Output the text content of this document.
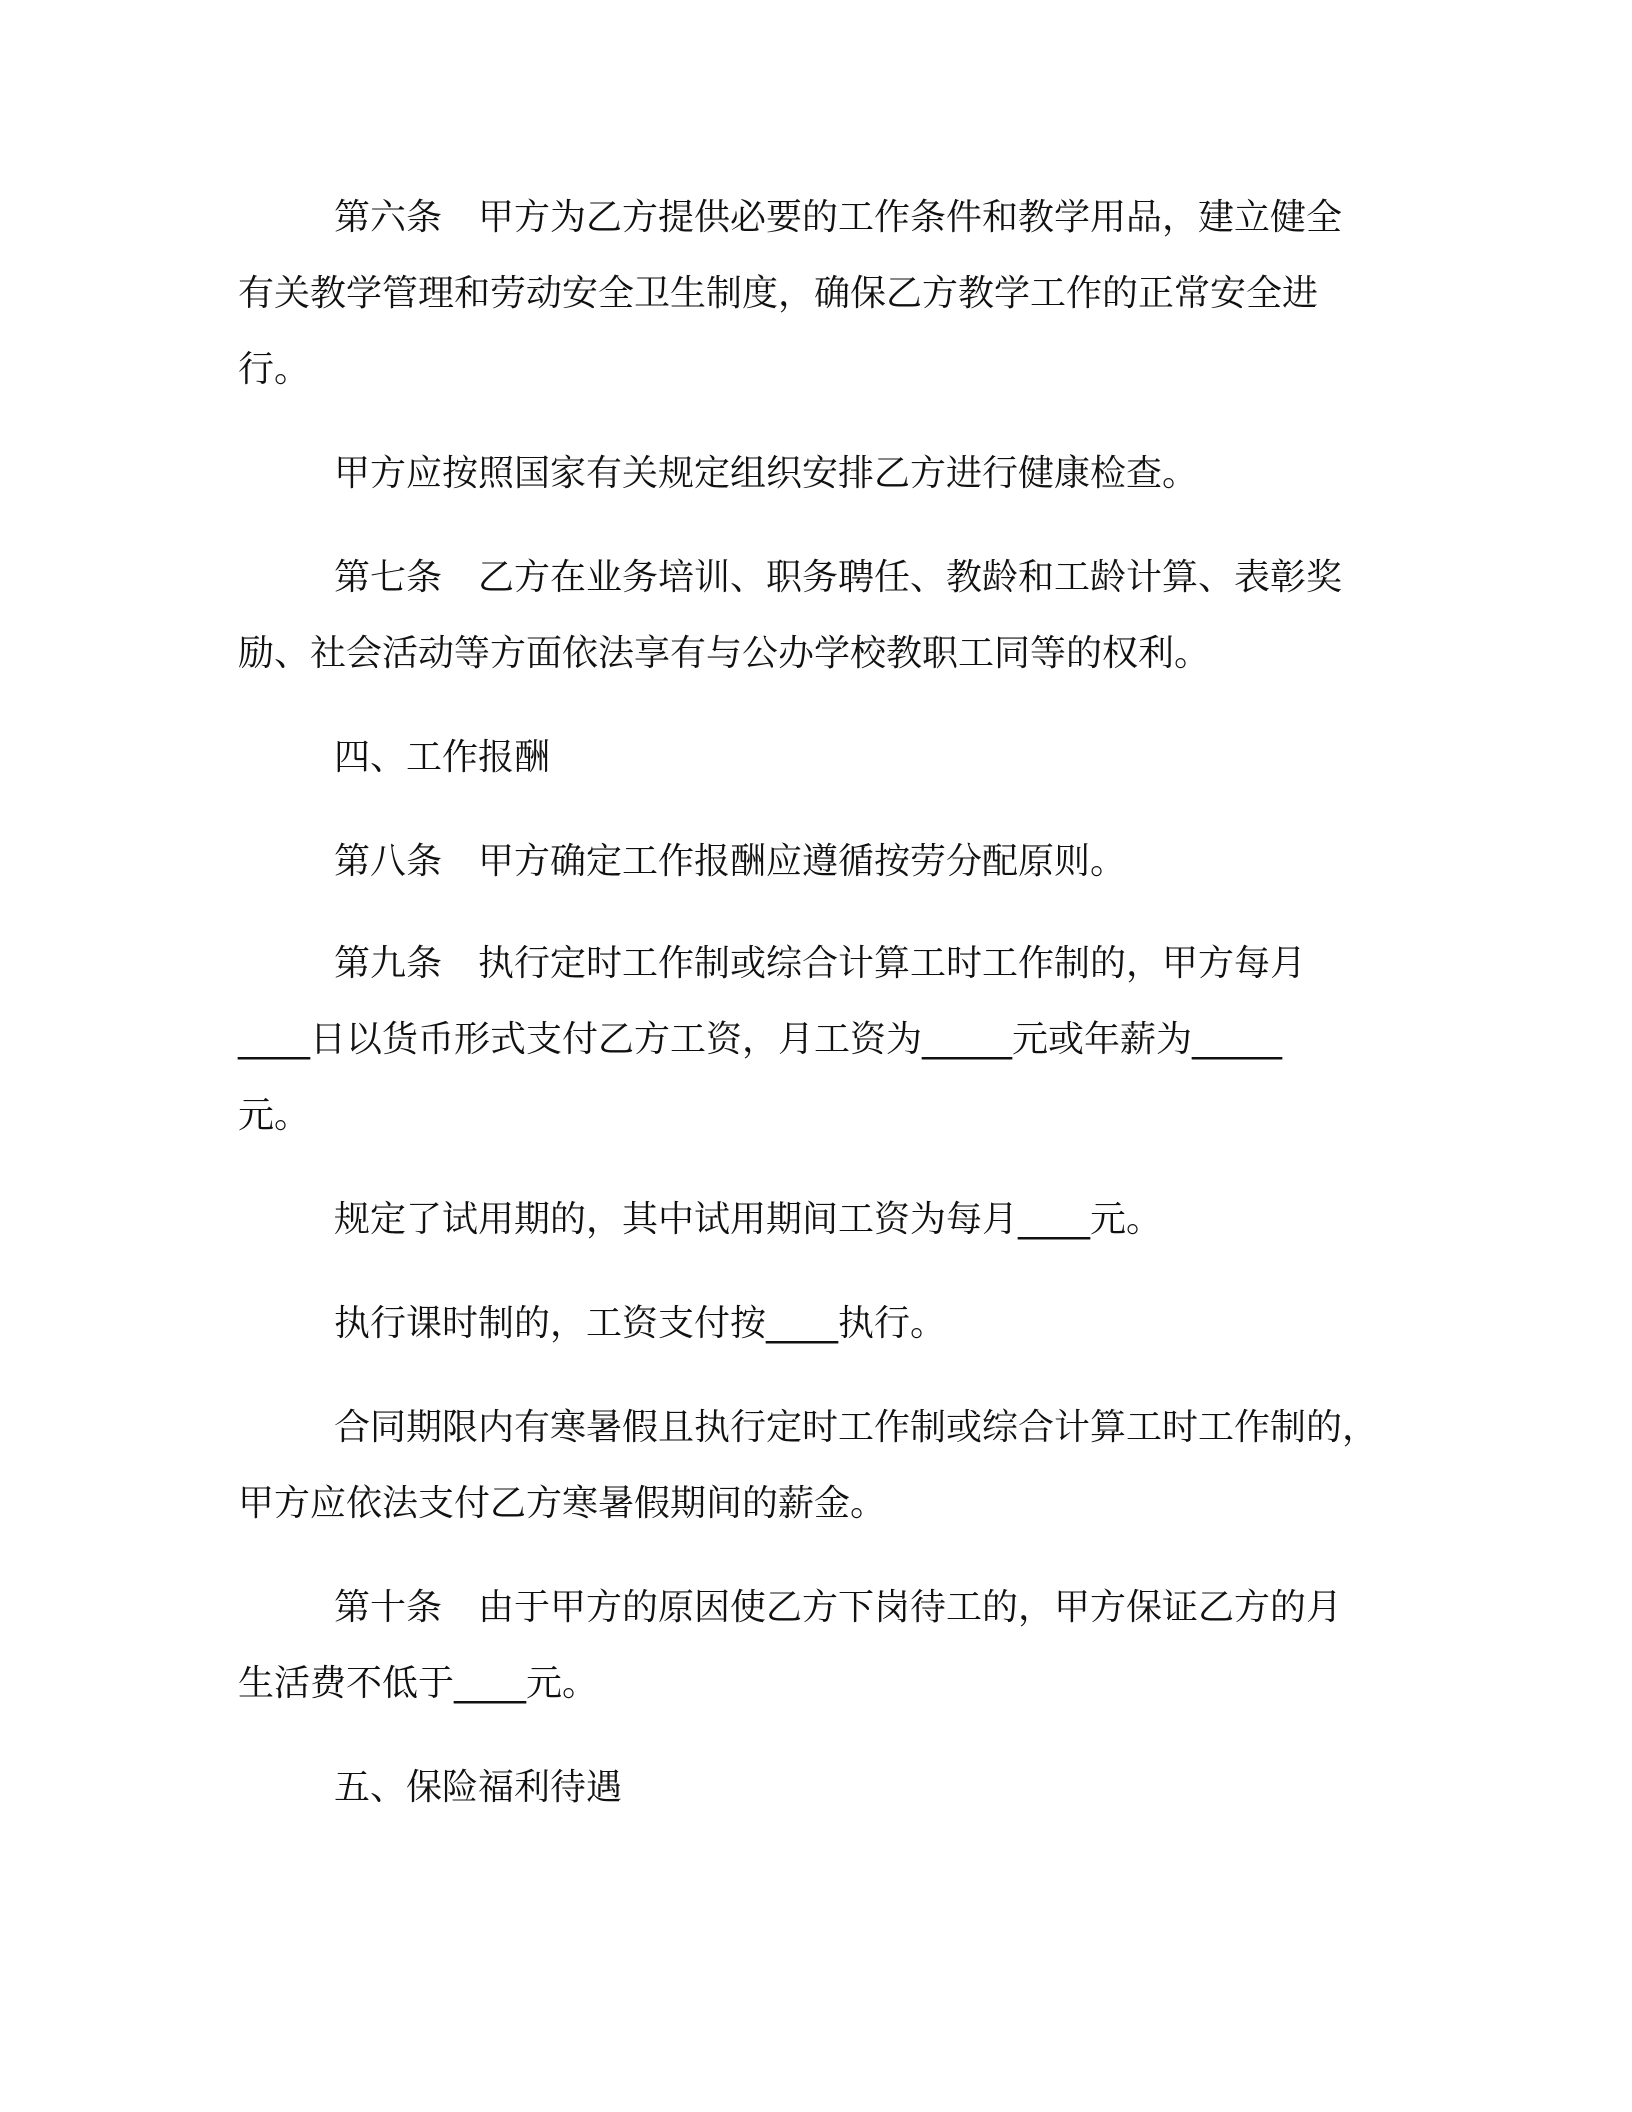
第六条　甲方为乙方提供必要的工作条件和教学用品，建立健全

有关教学管理和劳动安全卫生制度，确保乙方教学工作的正常安全进

行。

甲方应按照国家有关规定组织安排乙方进行健康检查。

第七条　乙方在业务培训、职务聘任、教龄和工龄计算、表彰奖

励、社会活动等方面依法享有与公办学校教职工同等的权利。

四、工作报酬

第八条　甲方确定工作报酬应遵循按劳分配原则。

第九条　执行定时工作制或综合计算工时工作制的，甲方每月

____日以货币形式支付乙方工资，月工资为_____元或年薪为_____

元。

规定了试用期的，其中试用期间工资为每月____元。

执行课时制的，工资支付按____执行。

合同期限内有寒暑假且执行定时工作制或综合计算工时工作制的，

甲方应依法支付乙方寒暑假期间的薪金。

第十条　由于甲方的原因使乙方下岗待工的，甲方保证乙方的月

生活费不低于____元。

五、保险福利待遇
